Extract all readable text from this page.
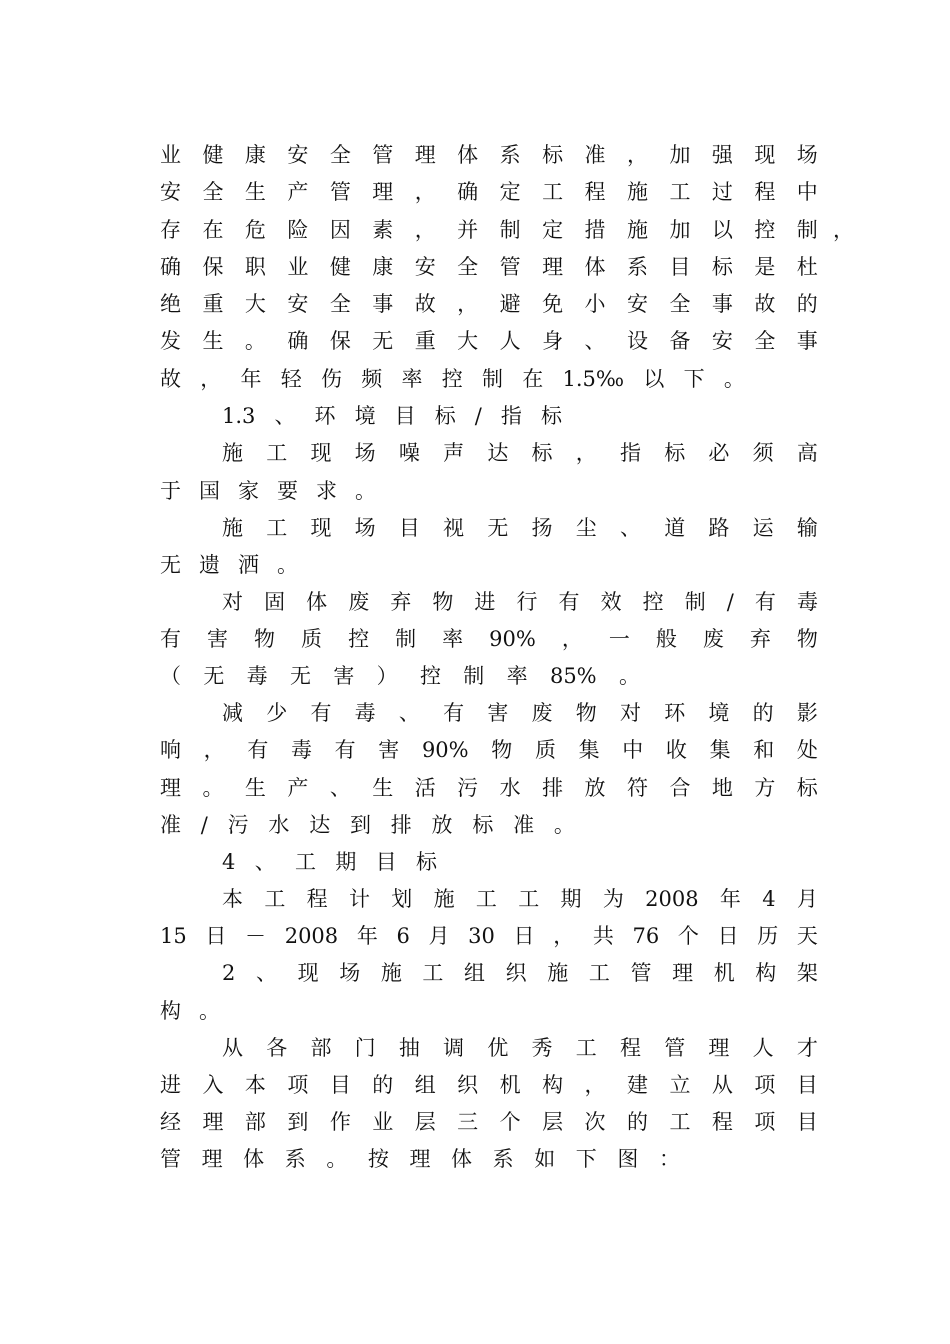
业 健 康 安 全 管 理 体 系 标 准 ， 加 强 现 场
安 全 生 产 管 理 ， 确 定 工 程 施 工 过 程 中
存 在 危 险 因 素 ， 并 制 定 措 施 加 以 控 制 ，
确 保 职 业 健 康 安 全 管 理 体 系 目 标 是 杜
绝 重 大 安 全 事 故 ， 避 免 小 安 全 事 故 的
发 生 。 确 保 无 重 大 人 身 、 设 备 安 全 事
故 ， 年 轻 伤 频 率 控 制 在 1.5‰ 以 下 。
1.3 、 环 境 目 标 / 指 标
施 工 现 场 噪 声 达 标 ， 指 标 必 须 高
于 国 家 要 求 。
施 工 现 场 目 视 无 扬 尘 、 道 路 运 输
无 遗 洒 。
对 固 体 废 弃 物 进 行 有 效 控 制 / 有 毒
有 害 物 质 控 制 率 90% ， 一 般 废 弃 物
（ 无 毒 无 害 ） 控 制 率 85% 。
减 少 有 毒 、 有 害 废 物 对 环 境 的 影
响 ， 有 毒 有 害 90% 物 质 集 中 收 集 和 处
理 。 生 产 、 生 活 污 水 排 放 符 合 地 方 标
准 / 污 水 达 到 排 放 标 准 。
4 、 工 期 目 标
本 工 程 计 划 施 工 工 期 为 2008 年 4 月
15 日 － 2008 年 6 月 30 日 ， 共 76 个 日 历 天
2 、 现 场 施 工 组 织 施 工 管 理 机 构 架
构 。
从 各 部 门 抽 调 优 秀 工 程 管 理 人 才
进 入 本 项 目 的 组 织 机 构 ， 建 立 从 项 目
经 理 部 到 作 业 层 三 个 层 次 的 工 程 项 目
管 理 体 系 。 按 理 体 系 如 下 图 ：
